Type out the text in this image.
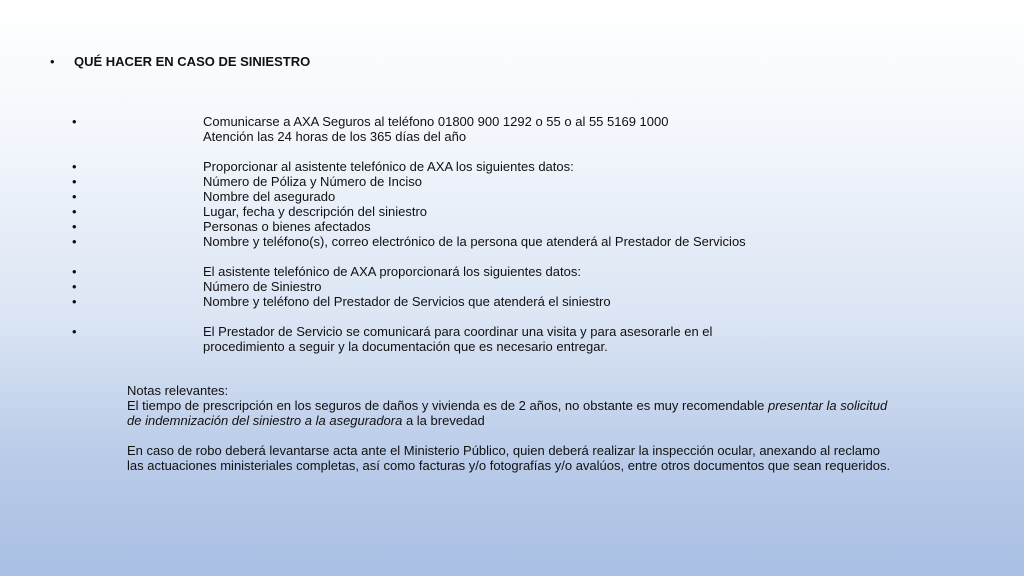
•	QUÉ HACER EN CASO DE SINIESTRO
•	Comunicarse a AXA Seguros al teléfono 01800 900 1292 o 55 o al 55 5169 1000
Atención las 24 horas de los 365 días del año
•	Proporcionar al asistente telefónico de AXA los siguientes datos:
•	Número de Póliza y Número de Inciso
•	Nombre del asegurado
•	Lugar, fecha y descripción del siniestro
•	Personas o bienes afectados
•	Nombre y teléfono(s), correo electrónico de la persona que atenderá al Prestador de Servicios
•	El asistente telefónico de AXA proporcionará los siguientes datos:
•	Número de Siniestro
•	Nombre y teléfono del Prestador de Servicios que atenderá el siniestro
•	El Prestador de Servicio se comunicará para coordinar una visita y para asesorarle en el
procedimiento a seguir y la documentación que es necesario entregar.

Notas relevantes:

El tiempo de prescripción en los seguros de daños y vivienda es de 2 años, no obstante es muy recomendable presentar la solicitud de indemnización del siniestro a la aseguradora a la brevedad

En caso de robo deberá levantarse acta ante el Ministerio Público, quien deberá realizar la inspección ocular, anexando al reclamo las actuaciones ministeriales completas, así como facturas y/o fotografías y/o avalúos, entre otros documentos que sean requeridos.
